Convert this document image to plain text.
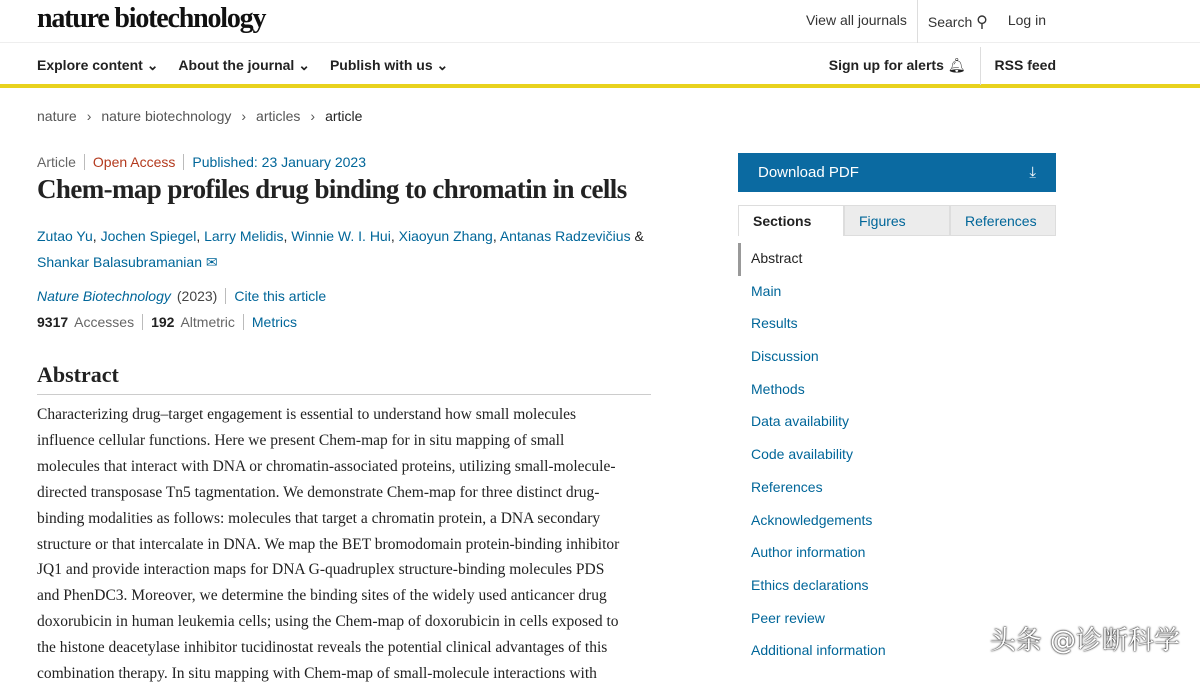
nature biotechnology	View all journals	Search ⚲	Log in
Explore content ⌄ About the journal ⌄ Publish with us ⌄	Sign up for alerts 🔔︎ RSS feed
nature › nature biotechnology › articles › article
Article Open Access Published: 23 January 2023
Chem-map profiles drug binding to chromatin in cells
Zutao Yu, Jochen Spiegel, Larry Melidis, Winnie W. I. Hui, Xiaoyun Zhang, Antanas Radzevičius & Shankar Balasubramanian ✉
Nature Biotechnology (2023) Cite this article
9317 Accesses 192 Altmetric Metrics
Abstract
Characterizing drug–target engagement is essential to understand how small molecules
influence cellular functions. Here we present Chem-map for in situ mapping of small
molecules that interact with DNA or chromatin-associated proteins, utilizing small-molecule-
directed transposase Tn5 tagmentation. We demonstrate Chem-map for three distinct drug-
binding modalities as follows: molecules that target a chromatin protein, a DNA secondary
structure or that intercalate in DNA. We map the BET bromodomain protein-binding inhibitor
JQ1 and provide interaction maps for DNA G-quadruplex structure-binding molecules PDS
and PhenDC3. Moreover, we determine the binding sites of the widely used anticancer drug
doxorubicin in human leukemia cells; using the Chem-map of doxorubicin in cells exposed to
the histone deacetylase inhibitor tucidinostat reveals the potential clinical advantages of this
combination therapy. In situ mapping with Chem-map of small-molecule interactions with
Download PDF	⤓
Sections	Figures	References
Abstract
Main
Results
Discussion
Methods
Data availability
Code availability
References
Acknowledgements
Author information
Ethics declarations
Peer review
Additional information	头条 @诊断科学
